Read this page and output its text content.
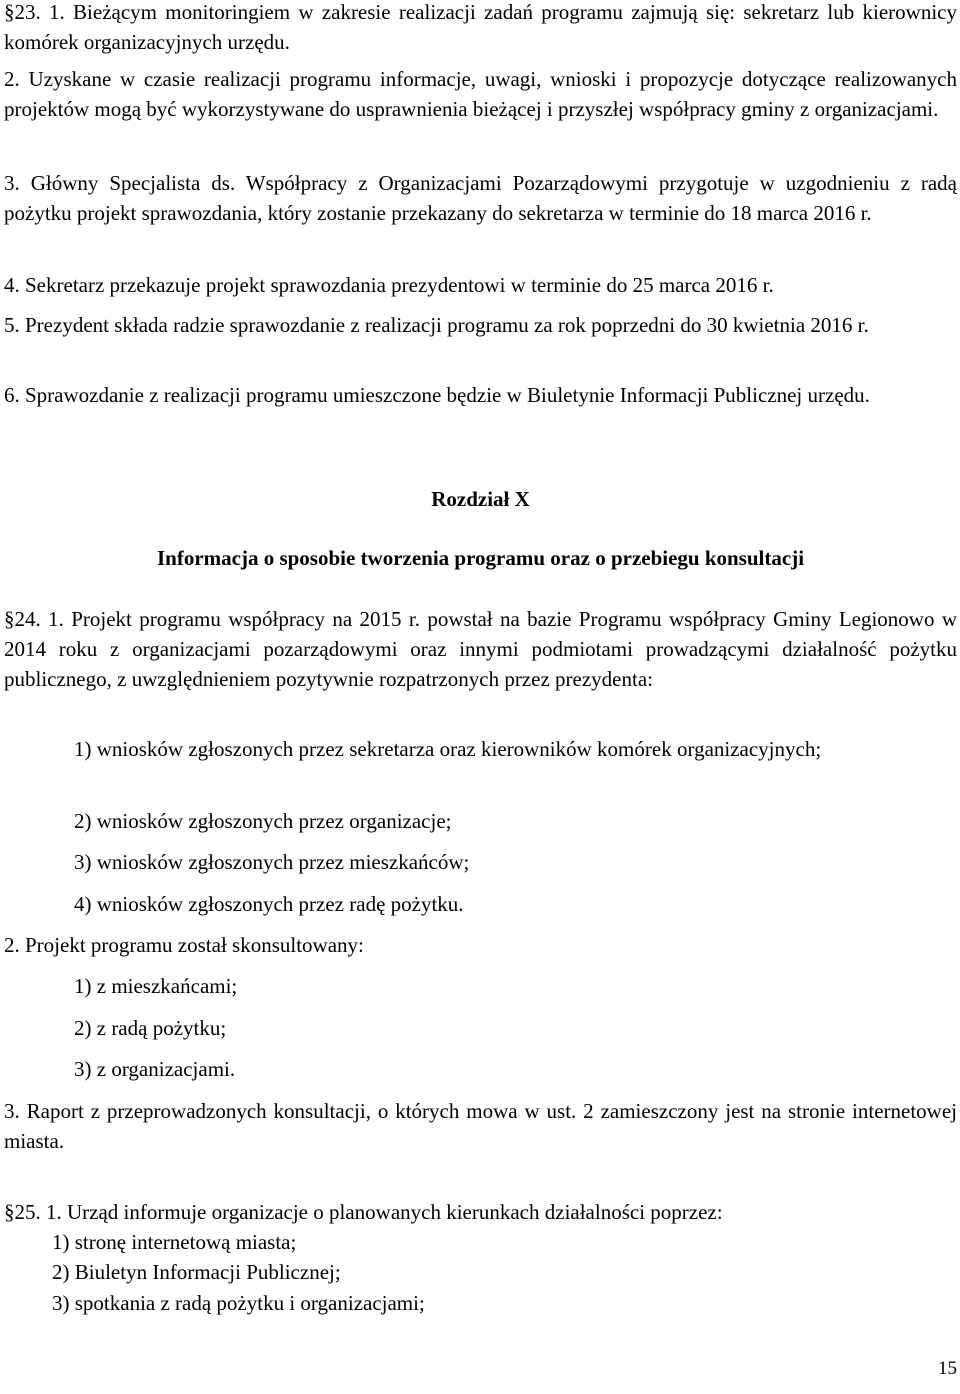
§23. 1. Bieżącym monitoringiem w zakresie realizacji zadań programu zajmują się: sekretarz lub kierownicy komórek organizacyjnych urzędu.

2. Uzyskane w czasie realizacji programu informacje, uwagi, wnioski i propozycje dotyczące realizowanych projektów mogą być wykorzystywane do usprawnienia bieżącej i przyszłej współpracy gminy z organizacjami.

3. Główny Specjalista ds. Współpracy z Organizacjami Pozarządowymi przygotuje w uzgodnieniu z radą pożytku projekt sprawozdania, który zostanie przekazany do sekretarza w terminie do 18 marca 2016 r.

4. Sekretarz przekazuje projekt sprawozdania prezydentowi w terminie do 25 marca 2016 r.

5. Prezydent składa radzie sprawozdanie z realizacji programu za rok poprzedni do 30 kwietnia 2016 r.

6. Sprawozdanie z realizacji programu umieszczone będzie w Biuletynie Informacji Publicznej urzędu.

Rozdział X

Informacja o sposobie tworzenia programu oraz o przebiegu konsultacji

§24. 1. Projekt programu współpracy na 2015 r. powstał na bazie Programu współpracy Gminy Legionowo w 2014 roku z organizacjami pozarządowymi oraz innymi podmiotami prowadzącymi działalność pożytku publicznego, z uwzględnieniem pozytywnie rozpatrzonych przez prezydenta:

1) wniosków zgłoszonych przez sekretarza oraz kierowników komórek organizacyjnych;

2) wniosków zgłoszonych przez organizacje;

3) wniosków zgłoszonych przez mieszkańców;

4) wniosków zgłoszonych przez radę pożytku.

2. Projekt programu został skonsultowany:

1) z mieszkańcami;

2) z radą pożytku;

3) z organizacjami.

3. Raport z przeprowadzonych konsultacji, o których mowa w ust. 2 zamieszczony jest na stronie internetowej miasta.

§25. 1. Urząd informuje organizacje o planowanych kierunkach działalności poprzez:

1) stronę internetową miasta;

2) Biuletyn Informacji Publicznej;

3) spotkania z radą pożytku i organizacjami;

15
